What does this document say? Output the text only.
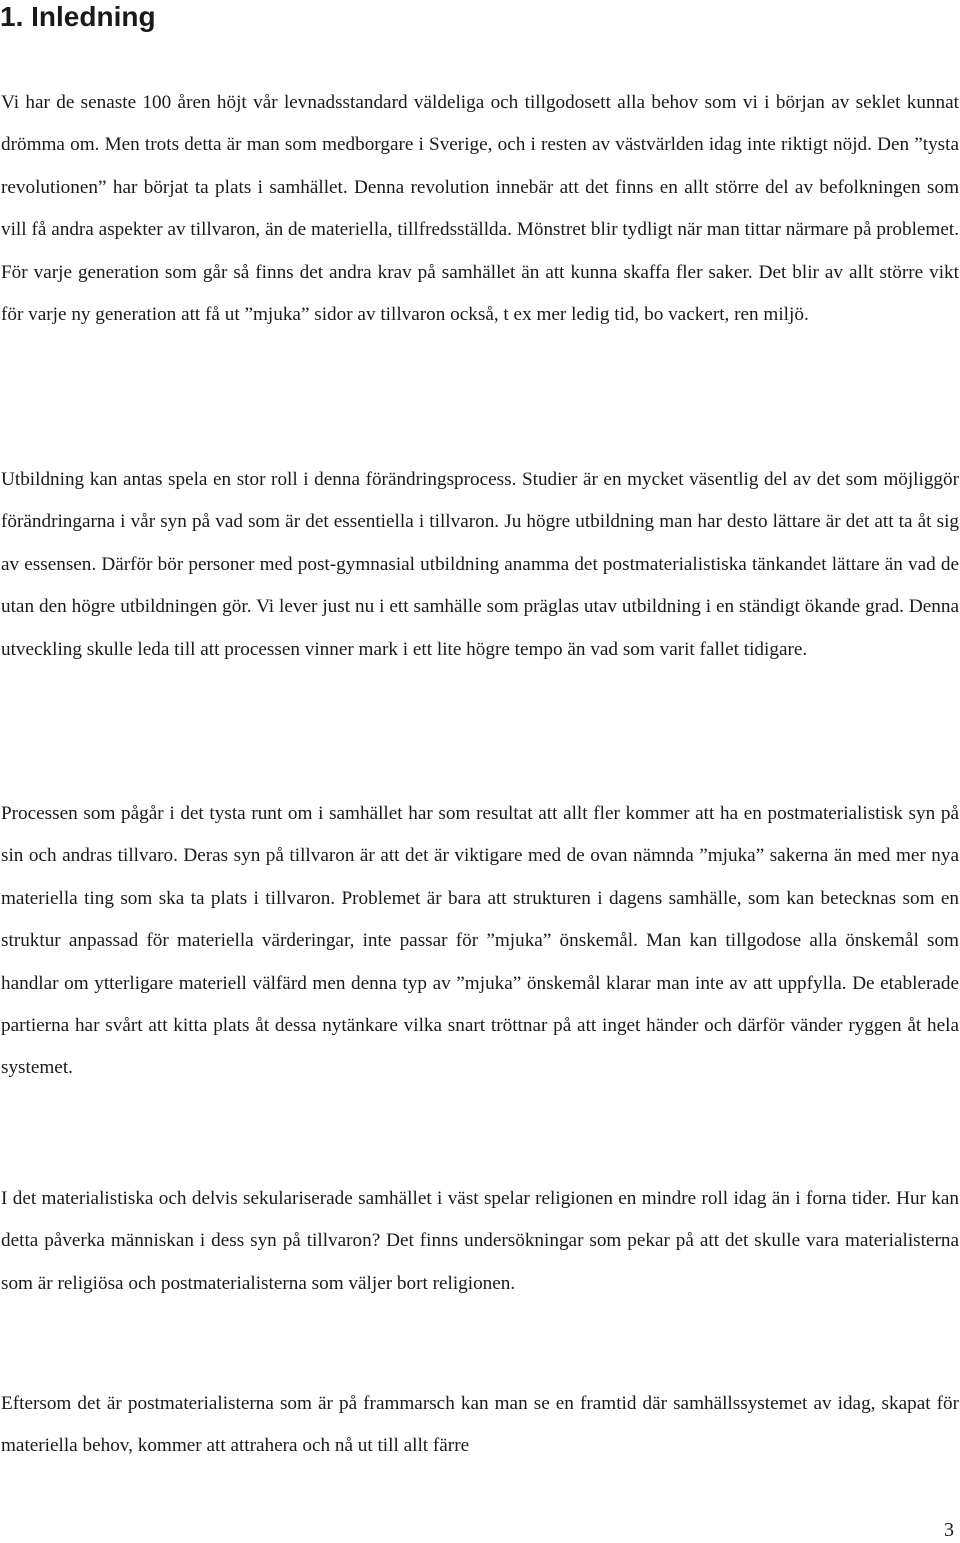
1. Inledning

Vi har de senaste 100 åren höjt vår levnadsstandard väldeliga och tillgodosett alla behov som vi i början av seklet kunnat drömma om. Men trots detta är man som medborgare i Sverige, och i resten av västvärlden idag inte riktigt nöjd. Den ”tysta revolutionen” har börjat ta plats i samhället. Denna revolution innebär att det finns en allt större del av befolkningen som vill få andra aspekter av tillvaron, än de materiella, tillfredsställda. Mönstret blir tydligt när man tittar närmare på problemet. För varje generation som går så finns det andra krav på samhället än att kunna skaffa fler saker. Det blir av allt större vikt för varje ny generation att få ut ”mjuka” sidor av tillvaron också, t ex mer ledig tid, bo vackert, ren miljö.

Utbildning kan antas spela en stor roll i denna förändringsprocess. Studier är en mycket väsentlig del av det som möjliggör förändringarna i vår syn på vad som är det essentiella i tillvaron. Ju högre utbildning man har desto lättare är det att ta åt sig av essensen. Därför bör personer med post-gymnasial utbildning anamma det postmaterialistiska tänkandet lättare än vad de utan den högre utbildningen gör. Vi lever just nu i ett samhälle som präglas utav utbildning i en ständigt ökande grad. Denna utveckling skulle leda till att processen vinner mark i ett lite högre tempo än vad som varit fallet tidigare.

Processen som pågår i det tysta runt om i samhället har som resultat att allt fler kommer att ha en postmaterialistisk syn på sin och andras tillvaro. Deras syn på tillvaron är att det är viktigare med de ovan nämnda ”mjuka” sakerna än med mer nya materiella ting som ska ta plats i tillvaron. Problemet är bara att strukturen i dagens samhälle, som kan betecknas som en struktur anpassad för materiella värderingar, inte passar för ”mjuka” önskemål. Man kan tillgodose alla önskemål som handlar om ytterligare materiell välfärd men denna typ av ”mjuka” önskemål klarar man inte av att uppfylla. De etablerade partierna har svårt att kitta plats åt dessa nytänkare vilka snart tröttnar på att inget händer och därför vänder ryggen åt hela systemet.

I det materialistiska och delvis sekulariserade samhället i väst spelar religionen en mindre roll idag än i forna tider. Hur kan detta påverka människan i dess syn på tillvaron? Det finns undersökningar som pekar på att det skulle vara materialisterna som är religiösa och postmaterialisterna som väljer bort religionen.

Eftersom det är postmaterialisterna som är på frammarsch kan man se en framtid där samhällssystemet av idag, skapat för materiella behov, kommer att attrahera och nå ut till allt färre

3
